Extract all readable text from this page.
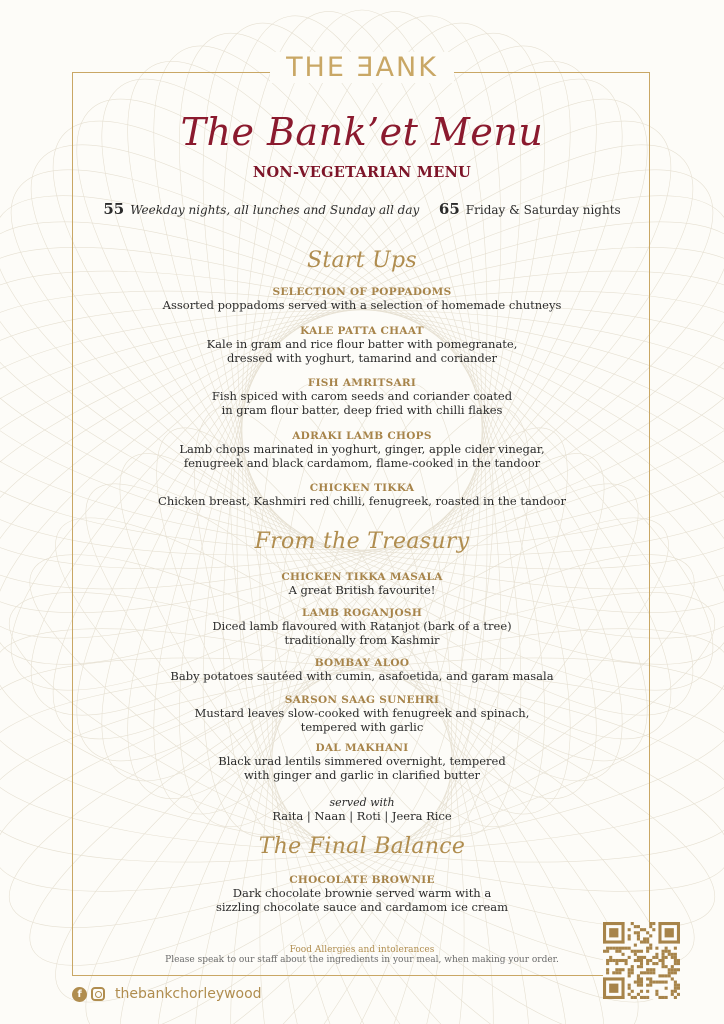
THE ƎANK
The Bank’et Menu
NON-VEGETARIAN MENU
55 Weekday nights, all lunches and Sunday all day 65 Friday & Saturday nights
Start Ups
SELECTION OF POPPADOMS
Assorted poppadoms served with a selection of homemade chutneys
KALE PATTA CHAAT
Kale in gram and rice flour batter with pomegranate,
dressed with yoghurt, tamarind and coriander
FISH AMRITSARI
Fish spiced with carom seeds and coriander coated
in gram flour batter, deep fried with chilli flakes
ADRAKI LAMB CHOPS
Lamb chops marinated in yoghurt, ginger, apple cider vinegar,
fenugreek and black cardamom, flame-cooked in the tandoor
CHICKEN TIKKA
Chicken breast, Kashmiri red chilli, fenugreek, roasted in the tandoor
From the Treasury
CHICKEN TIKKA MASALA
A great British favourite!
LAMB ROGANJOSH
Diced lamb flavoured with Ratanjot (bark of a tree)
traditionally from Kashmir
BOMBAY ALOO
Baby potatoes sautéed with cumin, asafoetida, and garam masala
SARSON SAAG SUNEHRI
Mustard leaves slow-cooked with fenugreek and spinach,
tempered with garlic
DAL MAKHANI
Black urad lentils simmered overnight, tempered
with ginger and garlic in clarified butter
served with
Raita | Naan | Roti | Jeera Rice
The Final Balance
CHOCOLATE BROWNIE
Dark chocolate brownie served warm with a
sizzling chocolate sauce and cardamom ice cream
Food Allergies and intolerances
Please speak to our staff about the ingredients in your meal, when making your order.
f	thebankchorleywood
